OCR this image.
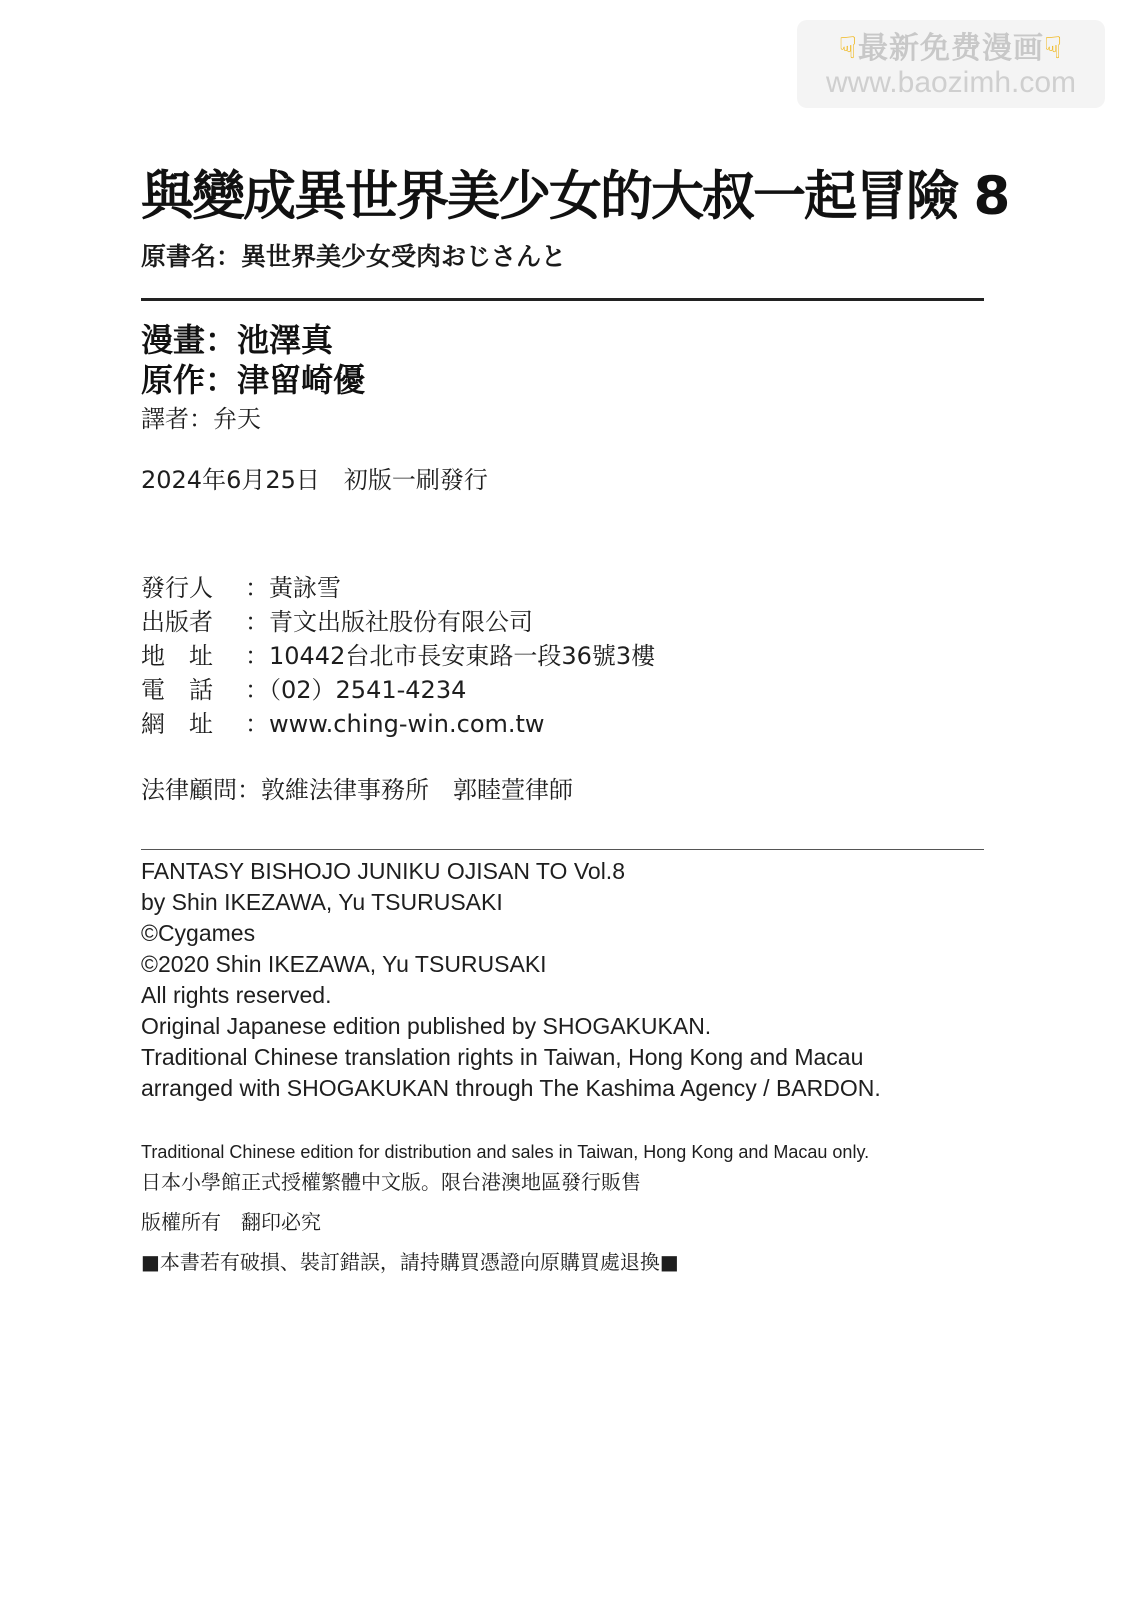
☟最新免费漫画☟
www.baozimh.com
與變成異世界美少女的大叔一起冒險 8
原書名：異世界美少女受肉おじさんと
漫畫：池澤真
原作：津留崎優
譯者：弁天
2024年6月25日　初版一刷發行
發行人 ：黃詠雪
出版者 ：青文出版社股份有限公司
地　址 ：10442台北市長安東路一段36號3樓
電　話 ：（02）2541-4234
網　址 ：www.ching-win.com.tw
法律顧問：敦維法律事務所　郭睦萱律師
FANTASY BISHOJO JUNIKU OJISAN TO Vol.8
by Shin IKEZAWA, Yu TSURUSAKI
©Cygames
©2020 Shin IKEZAWA, Yu TSURUSAKI
All rights reserved.
Original Japanese edition published by SHOGAKUKAN.
Traditional Chinese translation rights in Taiwan, Hong Kong and Macau
arranged with SHOGAKUKAN through The Kashima Agency / BARDON.
Traditional Chinese edition for distribution and sales in Taiwan, Hong Kong and Macau only.
日本小學館正式授權繁體中文版。限台港澳地區發行販售
版權所有　翻印必究
■本書若有破損、裝訂錯誤，請持購買憑證向原購買處退換■
